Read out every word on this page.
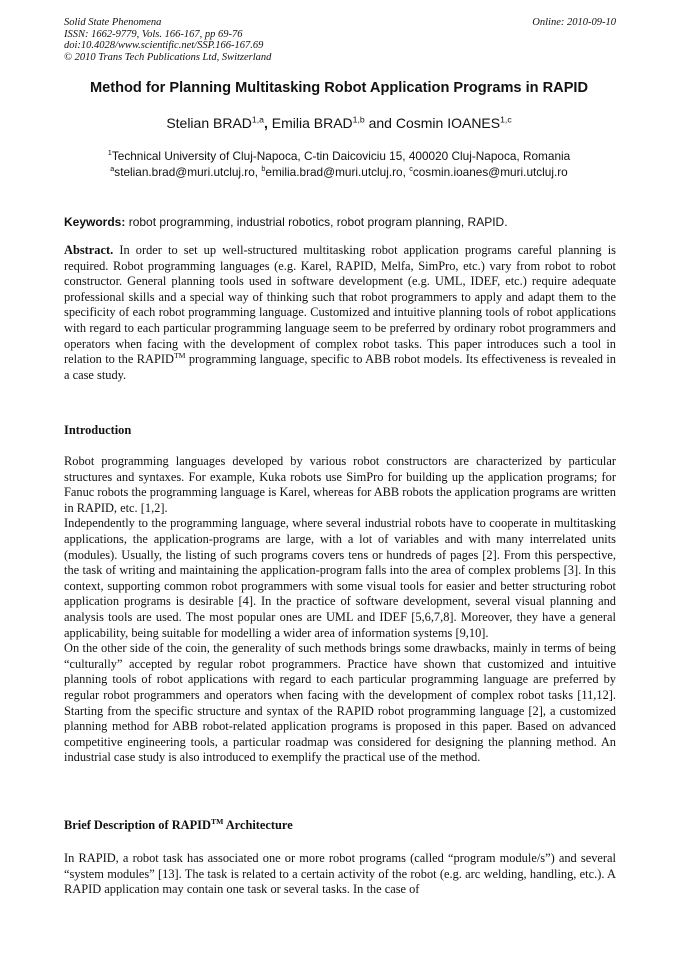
Solid State Phenomena
ISSN: 1662-9779, Vols. 166-167, pp 69-76
doi:10.4028/www.scientific.net/SSP.166-167.69
© 2010 Trans Tech Publications Ltd, Switzerland
Online: 2010-09-10
Method for Planning Multitasking Robot Application Programs in RAPID
Stelian BRAD$^{1,a}$, Emilia BRAD$^{1,b}$ and Cosmin IOANES$^{1,c}$
$^1$Technical University of Cluj-Napoca, C-tin Daicoviciu 15, 400020 Cluj-Napoca, Romania
$^a$stelian.brad@muri.utcluj.ro, $^b$emilia.brad@muri.utcluj.ro, $^c$cosmin.ioanes@muri.utcluj.ro
Keywords: robot programming, industrial robotics, robot program planning, RAPID.

Abstract. In order to set up well-structured multitasking robot application programs careful planning is required. Robot programming languages (e.g. Karel, RAPID, Melfa, SimPro, etc.) vary from robot to robot constructor. General planning tools used in software development (e.g. UML, IDEF, etc.) require adequate professional skills and a special way of thinking such that robot programmers to apply and adapt them to the specificity of each robot programming language. Customized and intuitive planning tools of robot applications with regard to each particular programming language seem to be preferred by ordinary robot programmers and operators when facing with the development of complex robot tasks. This paper introduces such a tool in relation to the RAPID™ programming language, specific to ABB robot models. Its effectiveness is revealed in a case study.

Introduction

Robot programming languages developed by various robot constructors are characterized by particular structures and syntaxes. For example, Kuka robots use SimPro for building up the application programs; for Fanuc robots the programming language is Karel, whereas for ABB robots the application programs are written in RAPID, etc. [1,2].

Independently to the programming language, where several industrial robots have to cooperate in multitasking applications, the application-programs are large, with a lot of variables and with many interrelated units (modules). Usually, the listing of such programs covers tens or hundreds of pages [2]. From this perspective, the task of writing and maintaining the application-program falls into the area of complex problems [3]. In this context, supporting common robot programmers with some visual tools for easier and better structuring robot application programs is desirable [4]. In the practice of software development, several visual planning and analysis tools are used. The most popular ones are UML and IDEF [5,6,7,8]. Moreover, they have a general applicability, being suitable for modelling a wider area of information systems [9,10].

On the other side of the coin, the generality of such methods brings some drawbacks, mainly in terms of being “culturally” accepted by regular robot programmers. Practice have shown that customized and intuitive planning tools of robot applications with regard to each particular programming language are preferred by regular robot programmers and operators when facing with the development of complex robot tasks [11,12]. Starting from the specific structure and syntax of the RAPID robot programming language [2], a customized planning method for ABB robot-related application programs is proposed in this paper. Based on advanced competitive engineering tools, a particular roadmap was considered for designing the planning method. An industrial case study is also introduced to exemplify the practical use of the method.

Brief Description of RAPID™ Architecture

In RAPID, a robot task has associated one or more robot programs (called “program module/s”) and several “system modules” [13]. The task is related to a certain activity of the robot (e.g. arc welding, handling, etc.). A RAPID application may contain one task or several tasks. In the case of
